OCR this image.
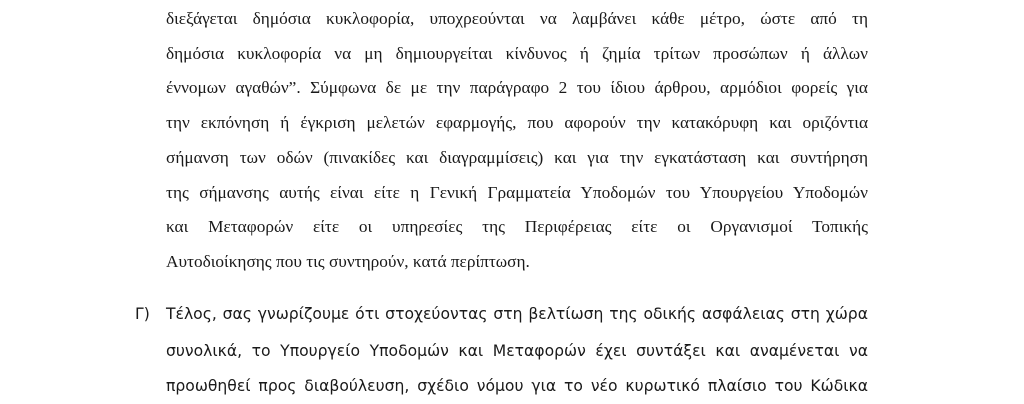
διεξάγεται δημόσια κυκλοφορία, υποχρεούνται να λαμβάνει κάθε μέτρο, ώστε από τη
δημόσια κυκλοφορία να μη δημιουργείται κίνδυνος ή ζημία τρίτων προσώπων ή άλλων
έννομων αγαθών”. Σύμφωνα δε με την παράγραφο 2 του ίδιου άρθρου, αρμόδιοι φορείς για
την εκπόνηση ή έγκριση μελετών εφαρμογής, που αφορούν την κατακόρυφη και οριζόντια
σήμανση των οδών (πινακίδες και διαγραμμίσεις) και για την εγκατάσταση και συντήρηση
της σήμανσης αυτής είναι είτε η Γενική Γραμματεία Υποδομών του Υπουργείου Υποδομών
και Μεταφορών είτε οι υπηρεσίες της Περιφέρειας είτε οι Οργανισμοί Τοπικής
Αυτοδιοίκησης που τις συντηρούν, κατά περίπτωση.
Γ) Τέλος, σας γνωρίζουμε ότι στοχεύοντας στη βελτίωση της οδικής ασφάλειας στη χώρα
συνολικά, το Υπουργείο Υποδομών και Μεταφορών έχει συντάξει και αναμένεται να
προωθηθεί προς διαβούλευση, σχέδιο νόμου για το νέο κυρωτικό πλαίσιο του Κώδικα
